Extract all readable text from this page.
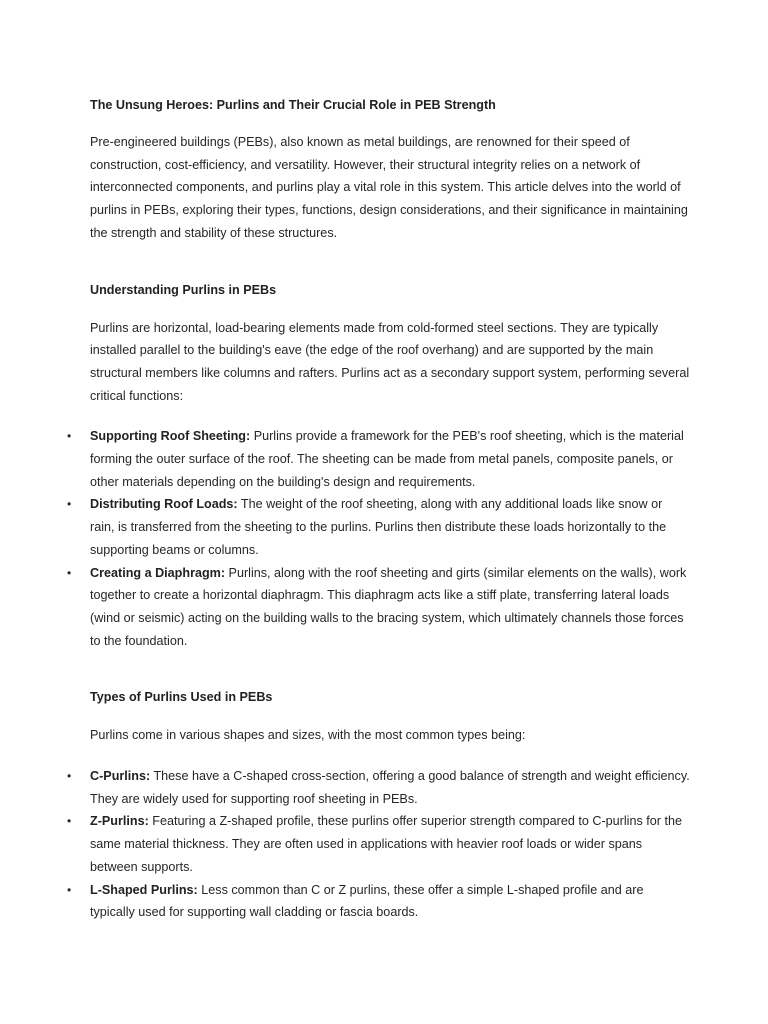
The Unsung Heroes: Purlins and Their Crucial Role in PEB Strength

Pre-engineered buildings (PEBs), also known as metal buildings, are renowned for their speed of construction, cost-efficiency, and versatility. However, their structural integrity relies on a network of interconnected components, and purlins play a vital role in this system. This article delves into the world of purlins in PEBs, exploring their types, functions, design considerations, and their significance in maintaining the strength and stability of these structures.

Understanding Purlins in PEBs

Purlins are horizontal, load-bearing elements made from cold-formed steel sections. They are typically installed parallel to the building's eave (the edge of the roof overhang) and are supported by the main structural members like columns and rafters. Purlins act as a secondary support system, performing several critical functions:

• Supporting Roof Sheeting: Purlins provide a framework for the PEB's roof sheeting, which is the material forming the outer surface of the roof. The sheeting can be made from metal panels, composite panels, or other materials depending on the building's design and requirements.
• Distributing Roof Loads: The weight of the roof sheeting, along with any additional loads like snow or rain, is transferred from the sheeting to the purlins. Purlins then distribute these loads horizontally to the supporting beams or columns.
• Creating a Diaphragm: Purlins, along with the roof sheeting and girts (similar elements on the walls), work together to create a horizontal diaphragm. This diaphragm acts like a stiff plate, transferring lateral loads (wind or seismic) acting on the building walls to the bracing system, which ultimately channels those forces to the foundation.
Types of Purlins Used in PEBs

Purlins come in various shapes and sizes, with the most common types being:

• C-Purlins: These have a C-shaped cross-section, offering a good balance of strength and weight efficiency. They are widely used for supporting roof sheeting in PEBs.
• Z-Purlins: Featuring a Z-shaped profile, these purlins offer superior strength compared to C-purlins for the same material thickness. They are often used in applications with heavier roof loads or wider spans between supports.
• L-Shaped Purlins: Less common than C or Z purlins, these offer a simple L-shaped profile and are typically used for supporting wall cladding or fascia boards.
